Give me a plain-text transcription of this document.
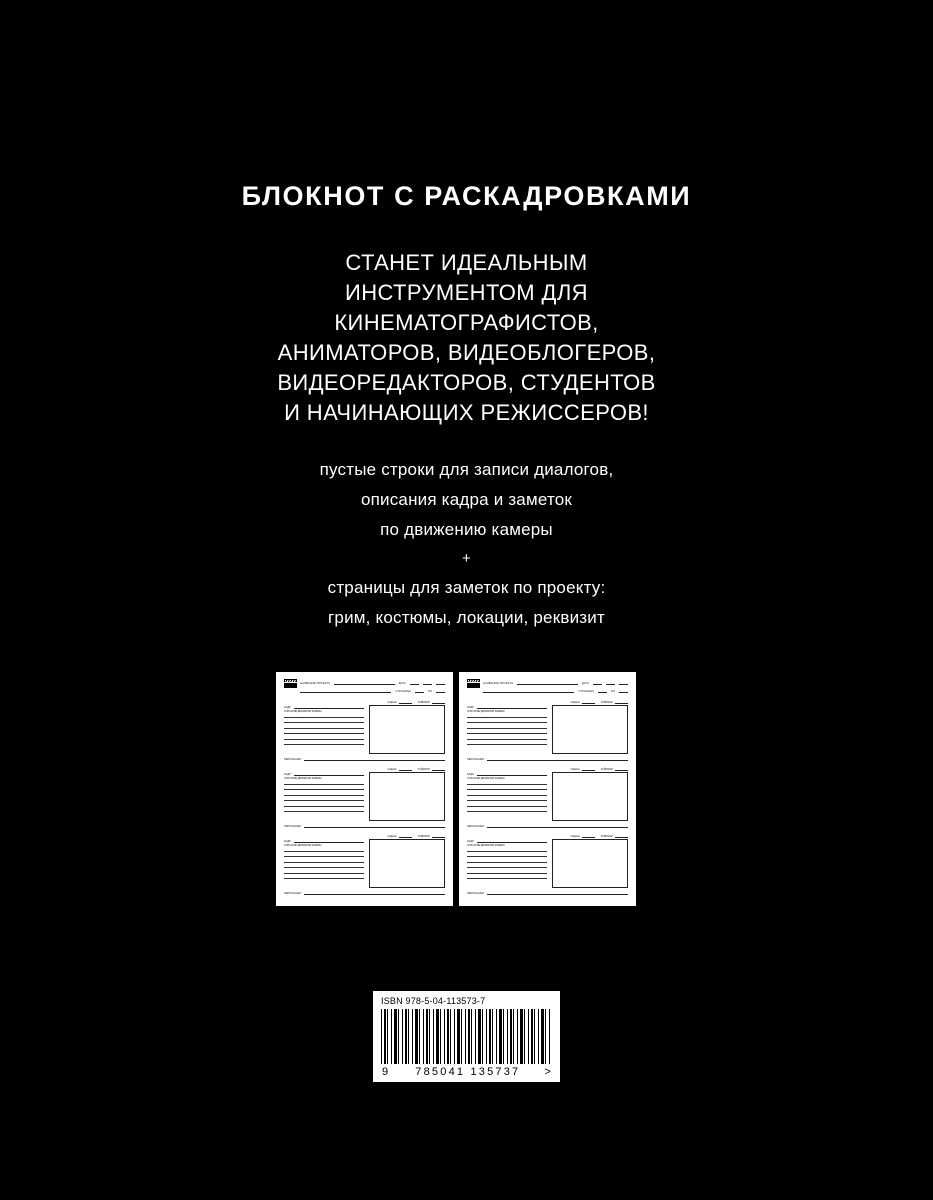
БЛОКНОТ С РАСКАДРОВКАМИ
СТАНЕТ ИДЕАЛЬНЫМ
ИНСТРУМЕНТОМ ДЛЯ
КИНЕМАТОГРАФИСТОВ,
АНИМАТОРОВ, ВИДЕОБЛОГЕРОВ,
ВИДЕОРЕДАКТОРОВ, СТУДЕНТОВ
И НАЧИНАЮЩИХ РЕЖИССЕРОВ!
пустые строки для записи диалогов,
описания кадра и заметок
по движению камеры
+
страницы для заметок по проекту:
грим, костюмы, локации, реквизит
НАЗВАНИЕ ПРОЕКТА	ДАТА
СТРАНИЦА	ИЗ
СЦЕНА	ТАЙМИНГ
КАДР
ОПИСАНИЕ ДВИЖЕНИЯ КАМЕРЫ
ПЕРСОНАЖИ
СЦЕНА	ТАЙМИНГ
КАДР
ОПИСАНИЕ ДВИЖЕНИЯ КАМЕРЫ
ПЕРСОНАЖИ
СЦЕНА	ТАЙМИНГ
КАДР
ОПИСАНИЕ ДВИЖЕНИЯ КАМЕРЫ
ПЕРСОНАЖИ
НАЗВАНИЕ ПРОЕКТА	ДАТА
СТРАНИЦА	ИЗ
СЦЕНА	ТАЙМИНГ
КАДР
ОПИСАНИЕ ДВИЖЕНИЯ КАМЕРЫ
ПЕРСОНАЖИ
СЦЕНА	ТАЙМИНГ
КАДР
ОПИСАНИЕ ДВИЖЕНИЯ КАМЕРЫ
ПЕРСОНАЖИ
СЦЕНА	ТАЙМИНГ
КАДР
ОПИСАНИЕ ДВИЖЕНИЯ КАМЕРЫ
ПЕРСОНАЖИ
ISBN 978-5-04-113573-7
9 785041 135737 >
